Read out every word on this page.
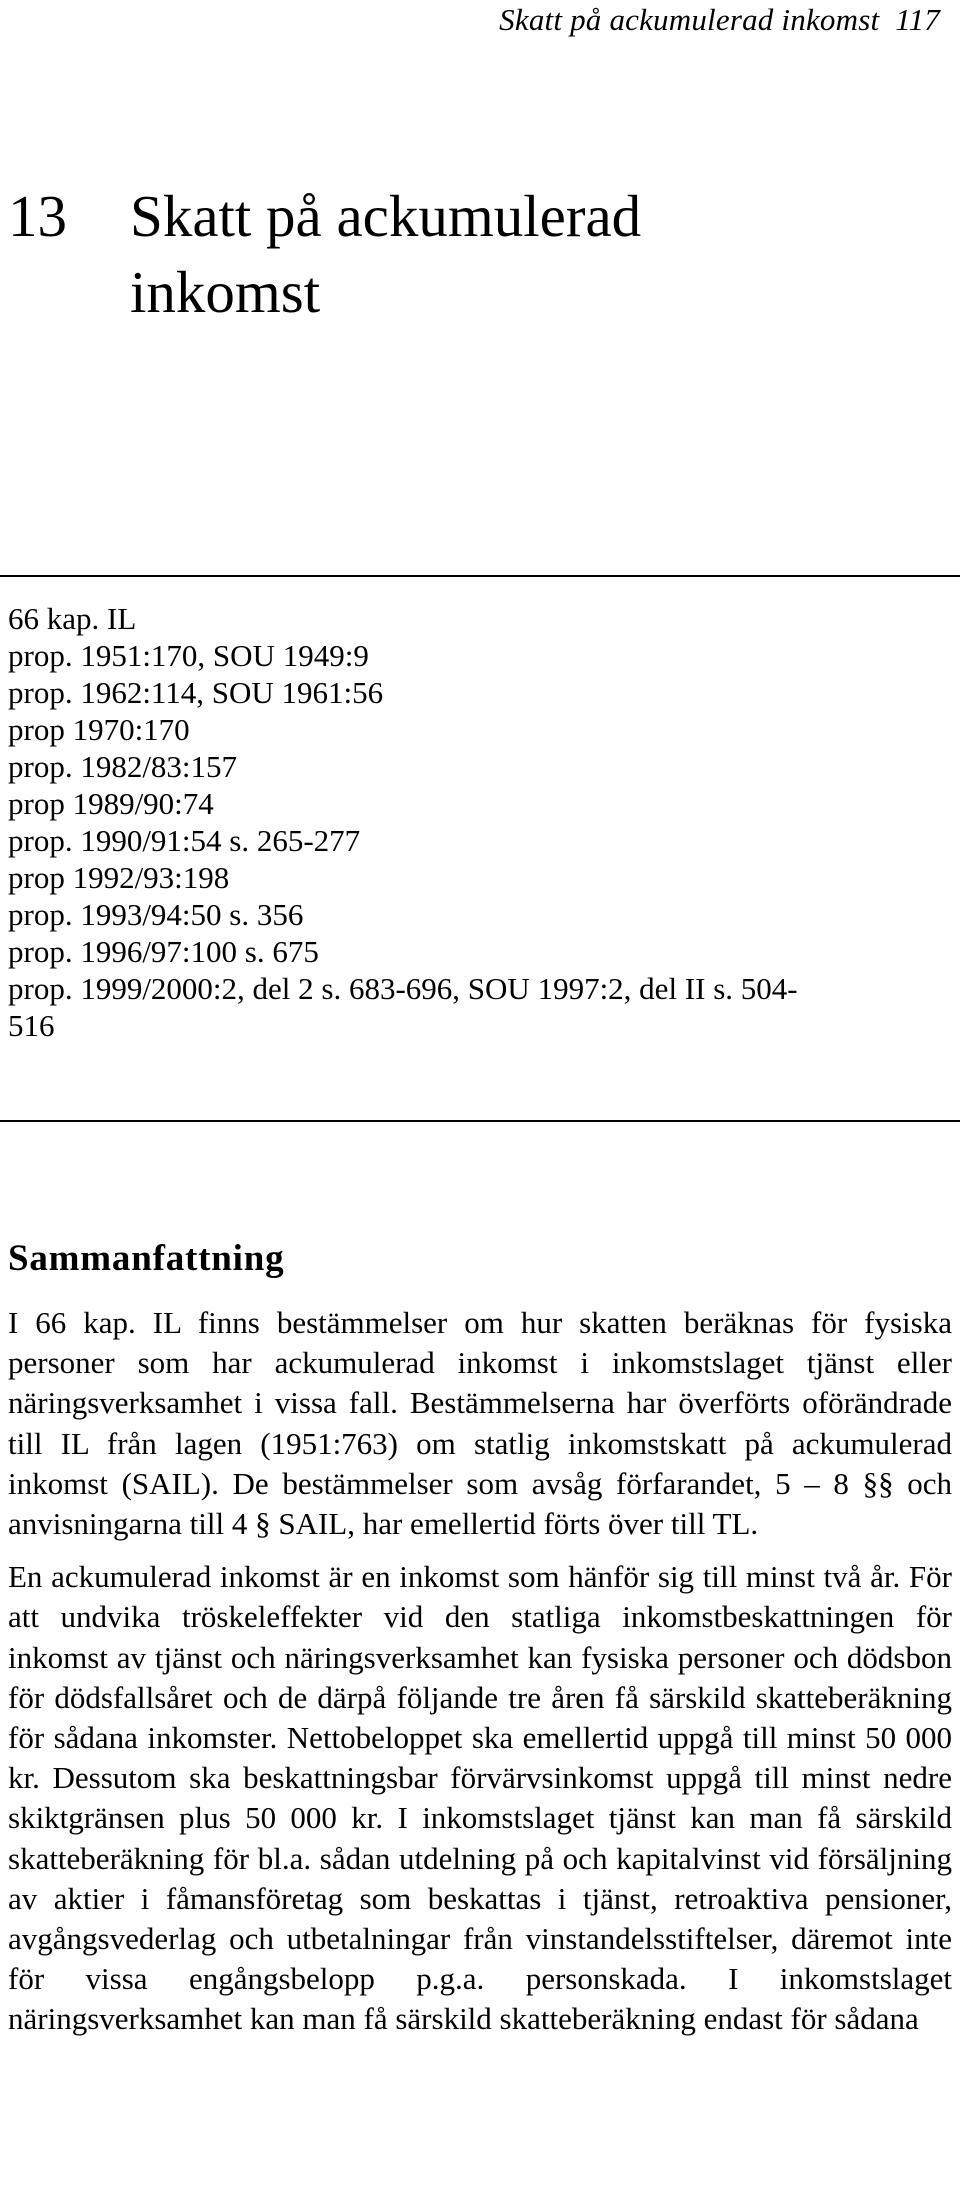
Skatt på ackumulerad inkomst 117
13 Skatt på ackumulerad
inkomst
66 kap. IL
prop. 1951:170, SOU 1949:9
prop. 1962:114, SOU 1961:56
prop 1970:170
prop. 1982/83:157
prop 1989/90:74
prop. 1990/91:54 s. 265-277
prop 1992/93:198
prop. 1993/94:50 s. 356
prop. 1996/97:100 s. 675
prop. 1999/2000:2, del 2 s. 683-696, SOU 1997:2, del II s. 504-
516
Sammanfattning

I 66 kap. IL finns bestämmelser om hur skatten beräknas för fysiska personer som har ackumulerad inkomst i inkomstslaget tjänst eller näringsverksamhet i vissa fall. Bestämmelserna har överförts oförändrade till IL från lagen (1951:763) om statlig inkomstskatt på ackumulerad inkomst (SAIL). De bestämmelser som avsåg förfarandet, 5 – 8 §§ och anvisningarna till 4 § SAIL, har emellertid förts över till TL.

En ackumulerad inkomst är en inkomst som hänför sig till minst två år. För att undvika tröskeleffekter vid den statliga inkomstbeskattningen för inkomst av tjänst och näringsverksamhet kan fysiska personer och dödsbon för dödsfallsåret och de därpå följande tre åren få särskild skatteberäkning för sådana inkomster. Nettobeloppet ska emellertid uppgå till minst 50 000 kr. Dessutom ska beskattningsbar förvärvsinkomst uppgå till minst nedre skiktgränsen plus 50 000 kr. I inkomstslaget tjänst kan man få särskild skatteberäkning för bl.a. sådan utdelning på och kapitalvinst vid försäljning av aktier i fåmansföretag som beskattas i tjänst, retroaktiva pensioner, avgångsvederlag och utbetalningar från vinstandelsstiftelser, däremot inte för vissa engångsbelopp p.g.a. personskada. I inkomstslaget näringsverksamhet kan man få särskild skatteberäkning endast för sådana
